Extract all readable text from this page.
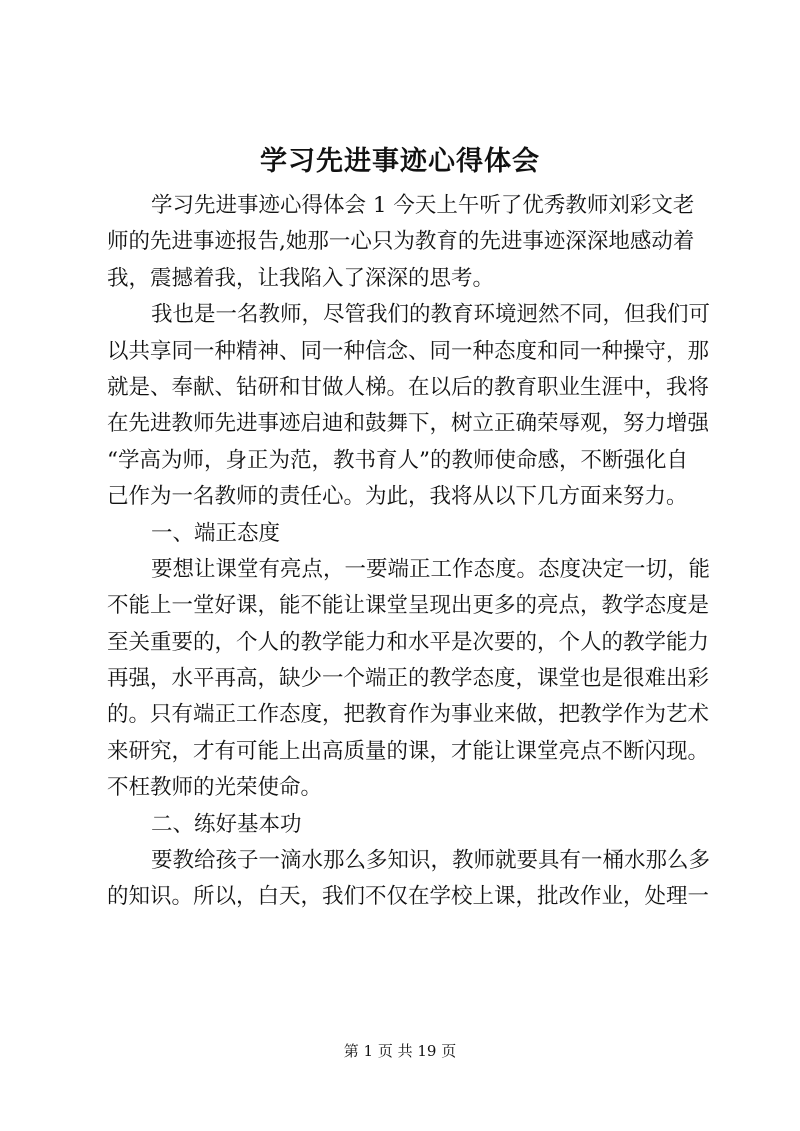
学习先进事迹心得体会
学习先进事迹心得体会 1 今天上午听了优秀教师刘彩文老
师的先进事迹报告,她那一心只为教育的先进事迹深深地感动着
我，震撼着我，让我陷入了深深的思考。
我也是一名教师，尽管我们的教育环境迥然不同，但我们可
以共享同一种精神、同一种信念、同一种态度和同一种操守，那
就是、奉献、钻研和甘做人梯。在以后的教育职业生涯中，我将
在先进教师先进事迹启迪和鼓舞下，树立正确荣辱观，努力增强
“学高为师，身正为范，教书育人”的教师使命感，不断强化自
己作为一名教师的责任心。为此，我将从以下几方面来努力。
一、端正态度
要想让课堂有亮点，一要端正工作态度。态度决定一切，能
不能上一堂好课，能不能让课堂呈现出更多的亮点，教学态度是
至关重要的，个人的教学能力和水平是次要的，个人的教学能力
再强，水平再高，缺少一个端正的教学态度，课堂也是很难出彩
的。只有端正工作态度，把教育作为事业来做，把教学作为艺术
来研究，才有可能上出高质量的课，才能让课堂亮点不断闪现。
不枉教师的光荣使命。
二、练好基本功
要教给孩子一滴水那么多知识，教师就要具有一桶水那么多
的知识。所以，白天，我们不仅在学校上课，批改作业，处理一
第 1 页 共 19 页
